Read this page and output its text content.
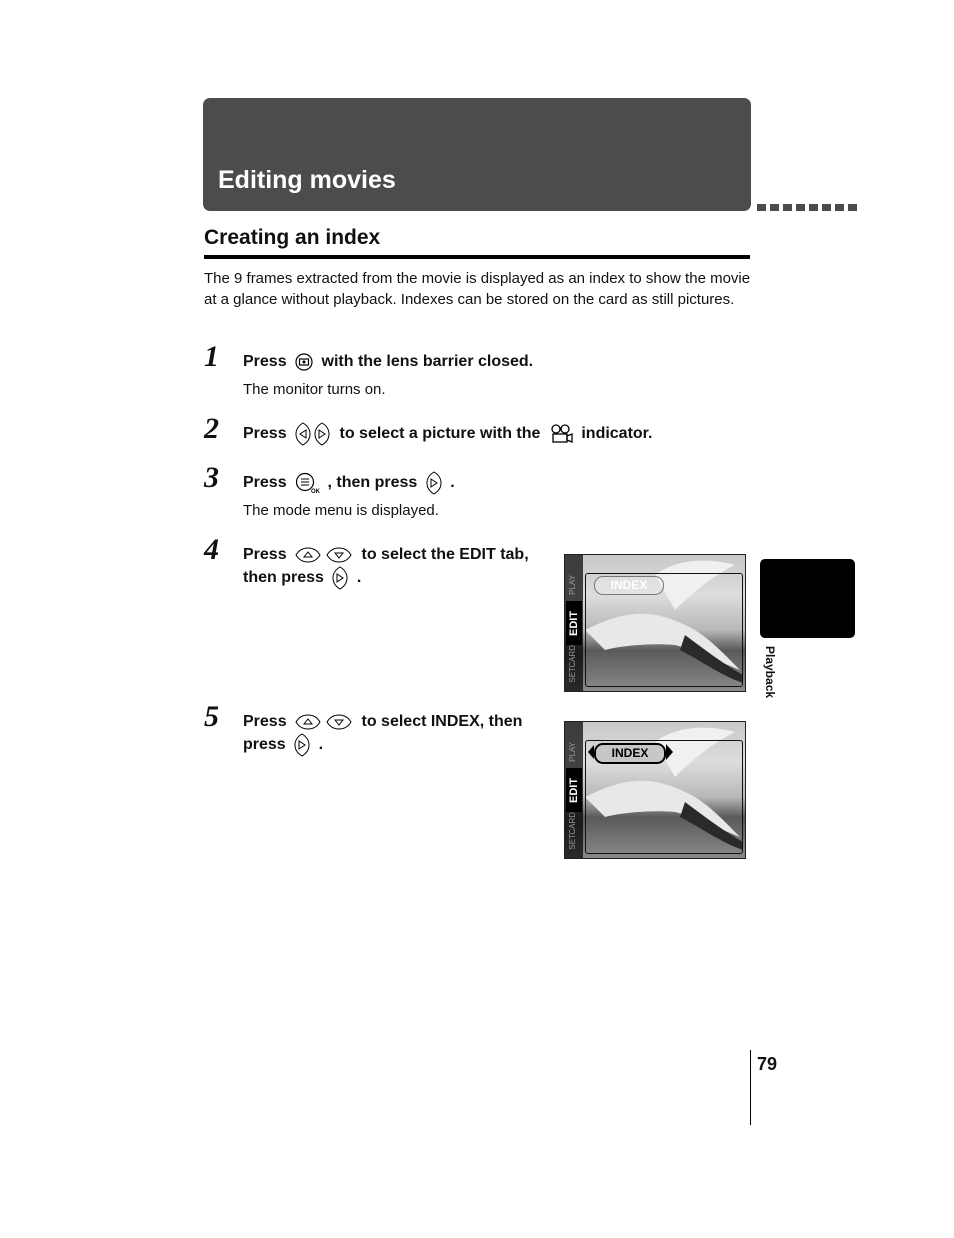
Editing movies
Creating an index
The 9 frames extracted from the movie is displayed as an index to show the movie at a glance without playback. Indexes can be stored on the card as still pictures.
1 Press with the lens barrier closed.
The monitor turns on.
2 Press	to select a picture with the	indicator.
3 Press
OK
, then press .
The mode menu is displayed.
4 Press	to select the EDIT tab,
then press .	PLAY
EDIT
CARD
SET
INDEX
5 Press	to select INDEX, then
press .	PLAY
EDIT
CARD
SET
INDEX
Playback
79
